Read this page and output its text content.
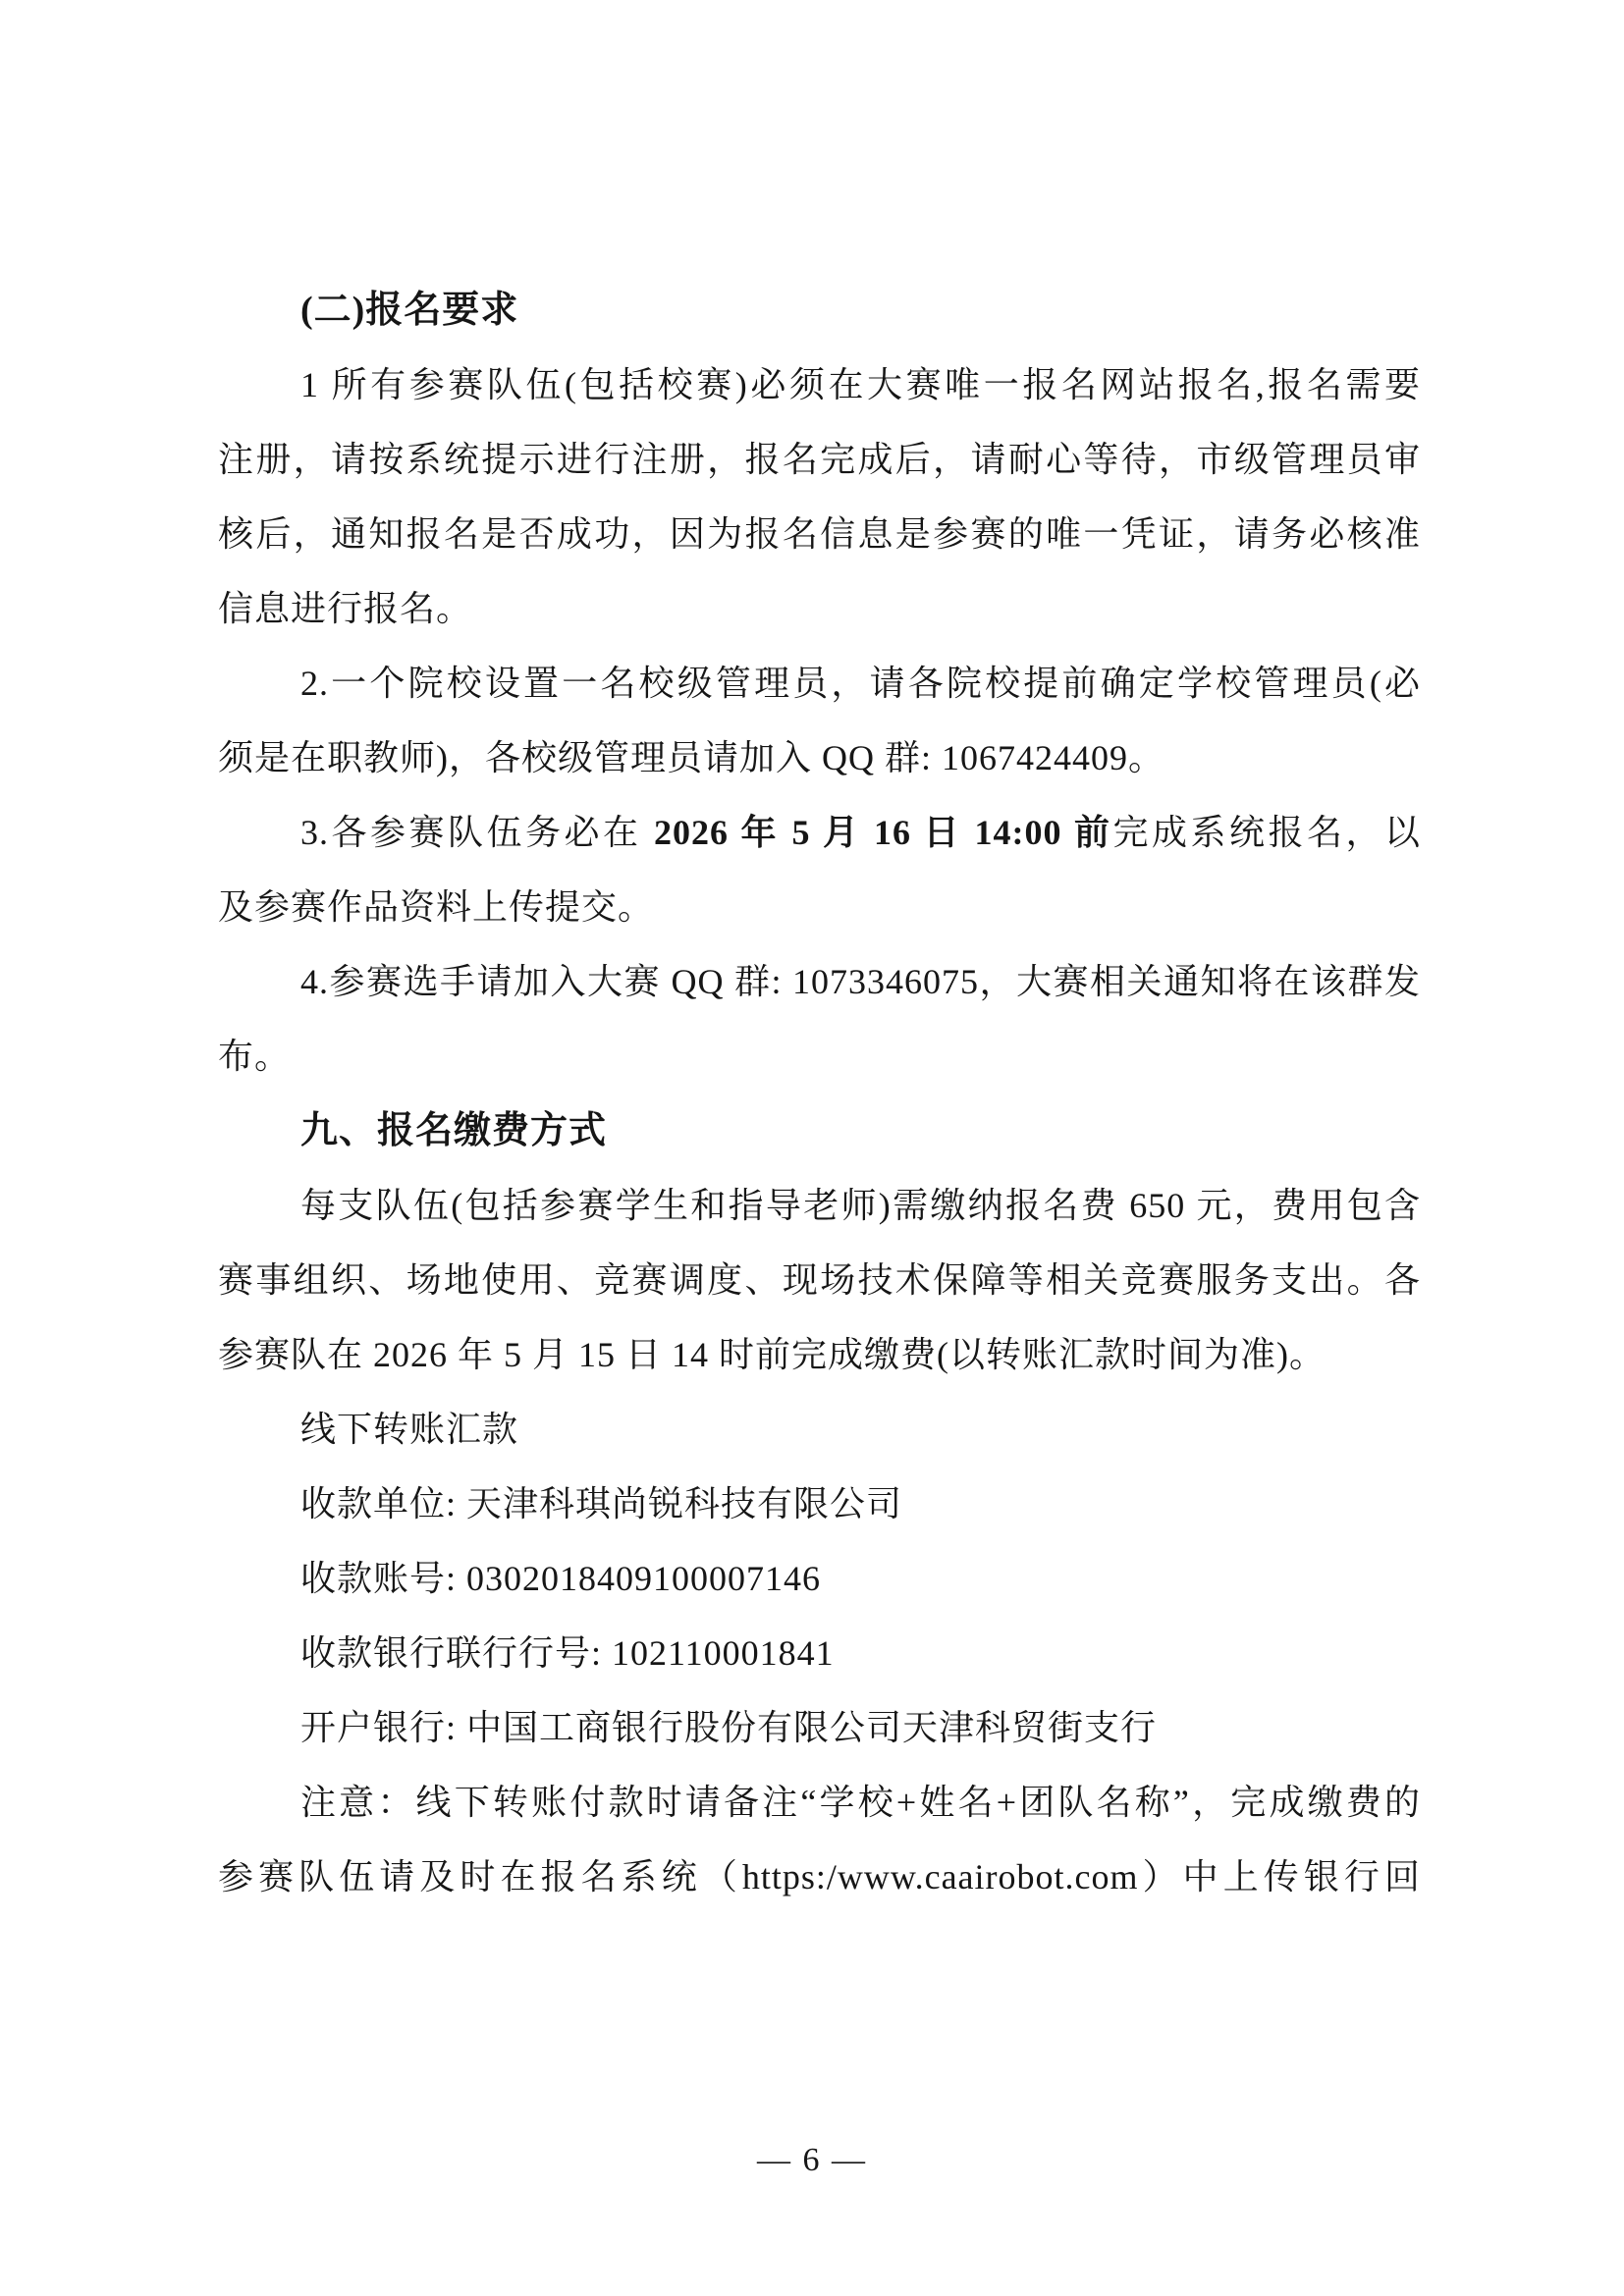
(二)报名要求
1 所有参赛队伍(包括校赛)必须在大赛唯一报名网站报名,报名需要
注册，请按系统提示进行注册，报名完成后，请耐心等待，市级管理员审
核后，通知报名是否成功，因为报名信息是参赛的唯一凭证，请务必核准
信息进行报名。
2.一个院校设置一名校级管理员，请各院校提前确定学校管理员(必
须是在职教师)，各校级管理员请加入 QQ 群: 1067424409。
3.各参赛队伍务必在 2026 年 5 月 16 日 14:00 前完成系统报名，以
及参赛作品资料上传提交。
4.参赛选手请加入大赛 QQ 群: 1073346075，大赛相关通知将在该群发
布。
九、报名缴费方式
每支队伍(包括参赛学生和指导老师)需缴纳报名费 650 元，费用包含
赛事组织、场地使用、竞赛调度、现场技术保障等相关竞赛服务支出。各
参赛队在 2026 年 5 月 15 日 14 时前完成缴费(以转账汇款时间为准)。
线下转账汇款
收款单位: 天津科琪尚锐科技有限公司
收款账号: 0302018409100007146
收款银行联行行号: 102110001841
开户银行: 中国工商银行股份有限公司天津科贸街支行
注意：线下转账付款时请备注“学校+姓名+团队名称”，完成缴费的
参赛队伍请及时在报名系统（https:/www.caairobot.com）中上传银行回
— 6 —
